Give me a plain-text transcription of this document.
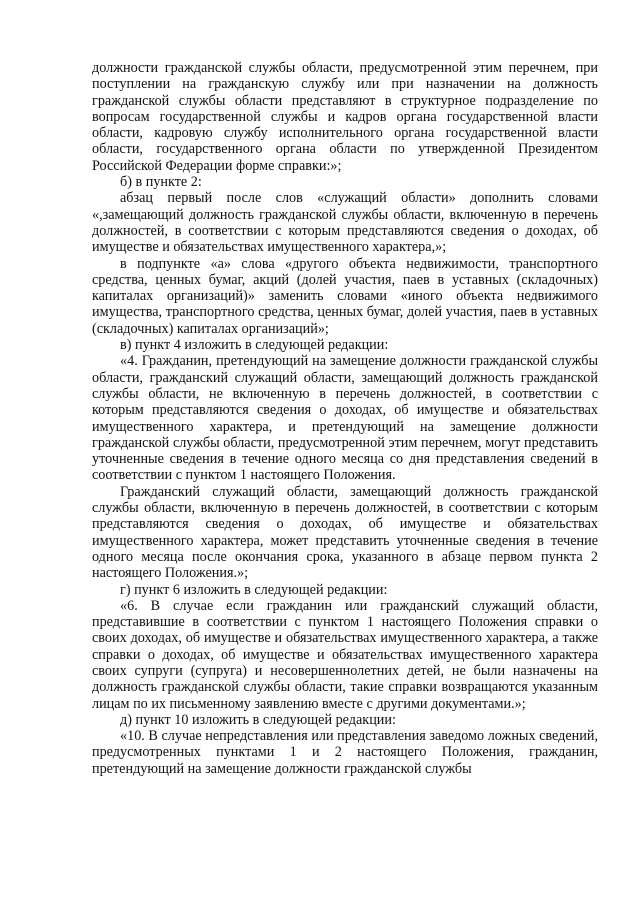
должности гражданской службы области, предусмотренной этим перечнем, при поступлении на гражданскую службу или при назначении на должность гражданской службы области представляют в структурное подразделение по вопросам государственной службы и кадров органа государственной власти области, кадровую службу исполнительного органа государственной власти области, государственного органа области по утвержденной Президентом Российской Федерации форме справки:»;

б) в пункте 2:

абзац первый после слов «служащий области» дополнить словами «,замещающий должность гражданской службы области, включенную в перечень должностей, в соответствии с которым представляются сведения о доходах, об имуществе и обязательствах имущественного характера,»;

в подпункте «а» слова «другого объекта недвижимости, транспортного средства, ценных бумаг, акций (долей участия, паев в уставных (складочных) капиталах организаций)» заменить словами «иного объекта недвижимого имущества, транспортного средства, ценных бумаг, долей участия, паев в уставных (складочных) капиталах организаций»;

в) пункт 4 изложить в следующей редакции:

«4. Гражданин, претендующий на замещение должности гражданской службы области, гражданский служащий области, замещающий должность гражданской службы области, не включенную в перечень должностей, в соответствии с которым представляются сведения о доходах, об имуществе и обязательствах имущественного характера, и претендующий на замещение должности гражданской службы области, предусмотренной этим перечнем, могут представить уточненные сведения в течение одного месяца со дня представления сведений в соответствии с пунктом 1 настоящего Положения.

Гражданский служащий области, замещающий должность гражданской службы области, включенную в перечень должностей, в соответствии с которым представляются сведения о доходах, об имуществе и обязательствах имущественного характера, может представить уточненные сведения в течение одного месяца после окончания срока, указанного в абзаце первом пункта 2 настоящего Положения.»;

г) пункт 6 изложить в следующей редакции:

«6. В случае если гражданин или гражданский служащий области, представившие в соответствии с пунктом 1 настоящего Положения справки о своих доходах, об имуществе и обязательствах имущественного характера, а также справки о доходах, об имуществе и обязательствах имущественного характера своих супруги (супруга) и несовершеннолетних детей, не были назначены на должность гражданской службы области, такие справки возвращаются указанным лицам по их письменному заявлению вместе с другими документами.»;

д) пункт 10 изложить в следующей редакции:

«10. В случае непредставления или представления заведомо ложных сведений, предусмотренных пунктами 1 и 2 настоящего Положения, гражданин, претендующий на замещение должности гражданской службы
